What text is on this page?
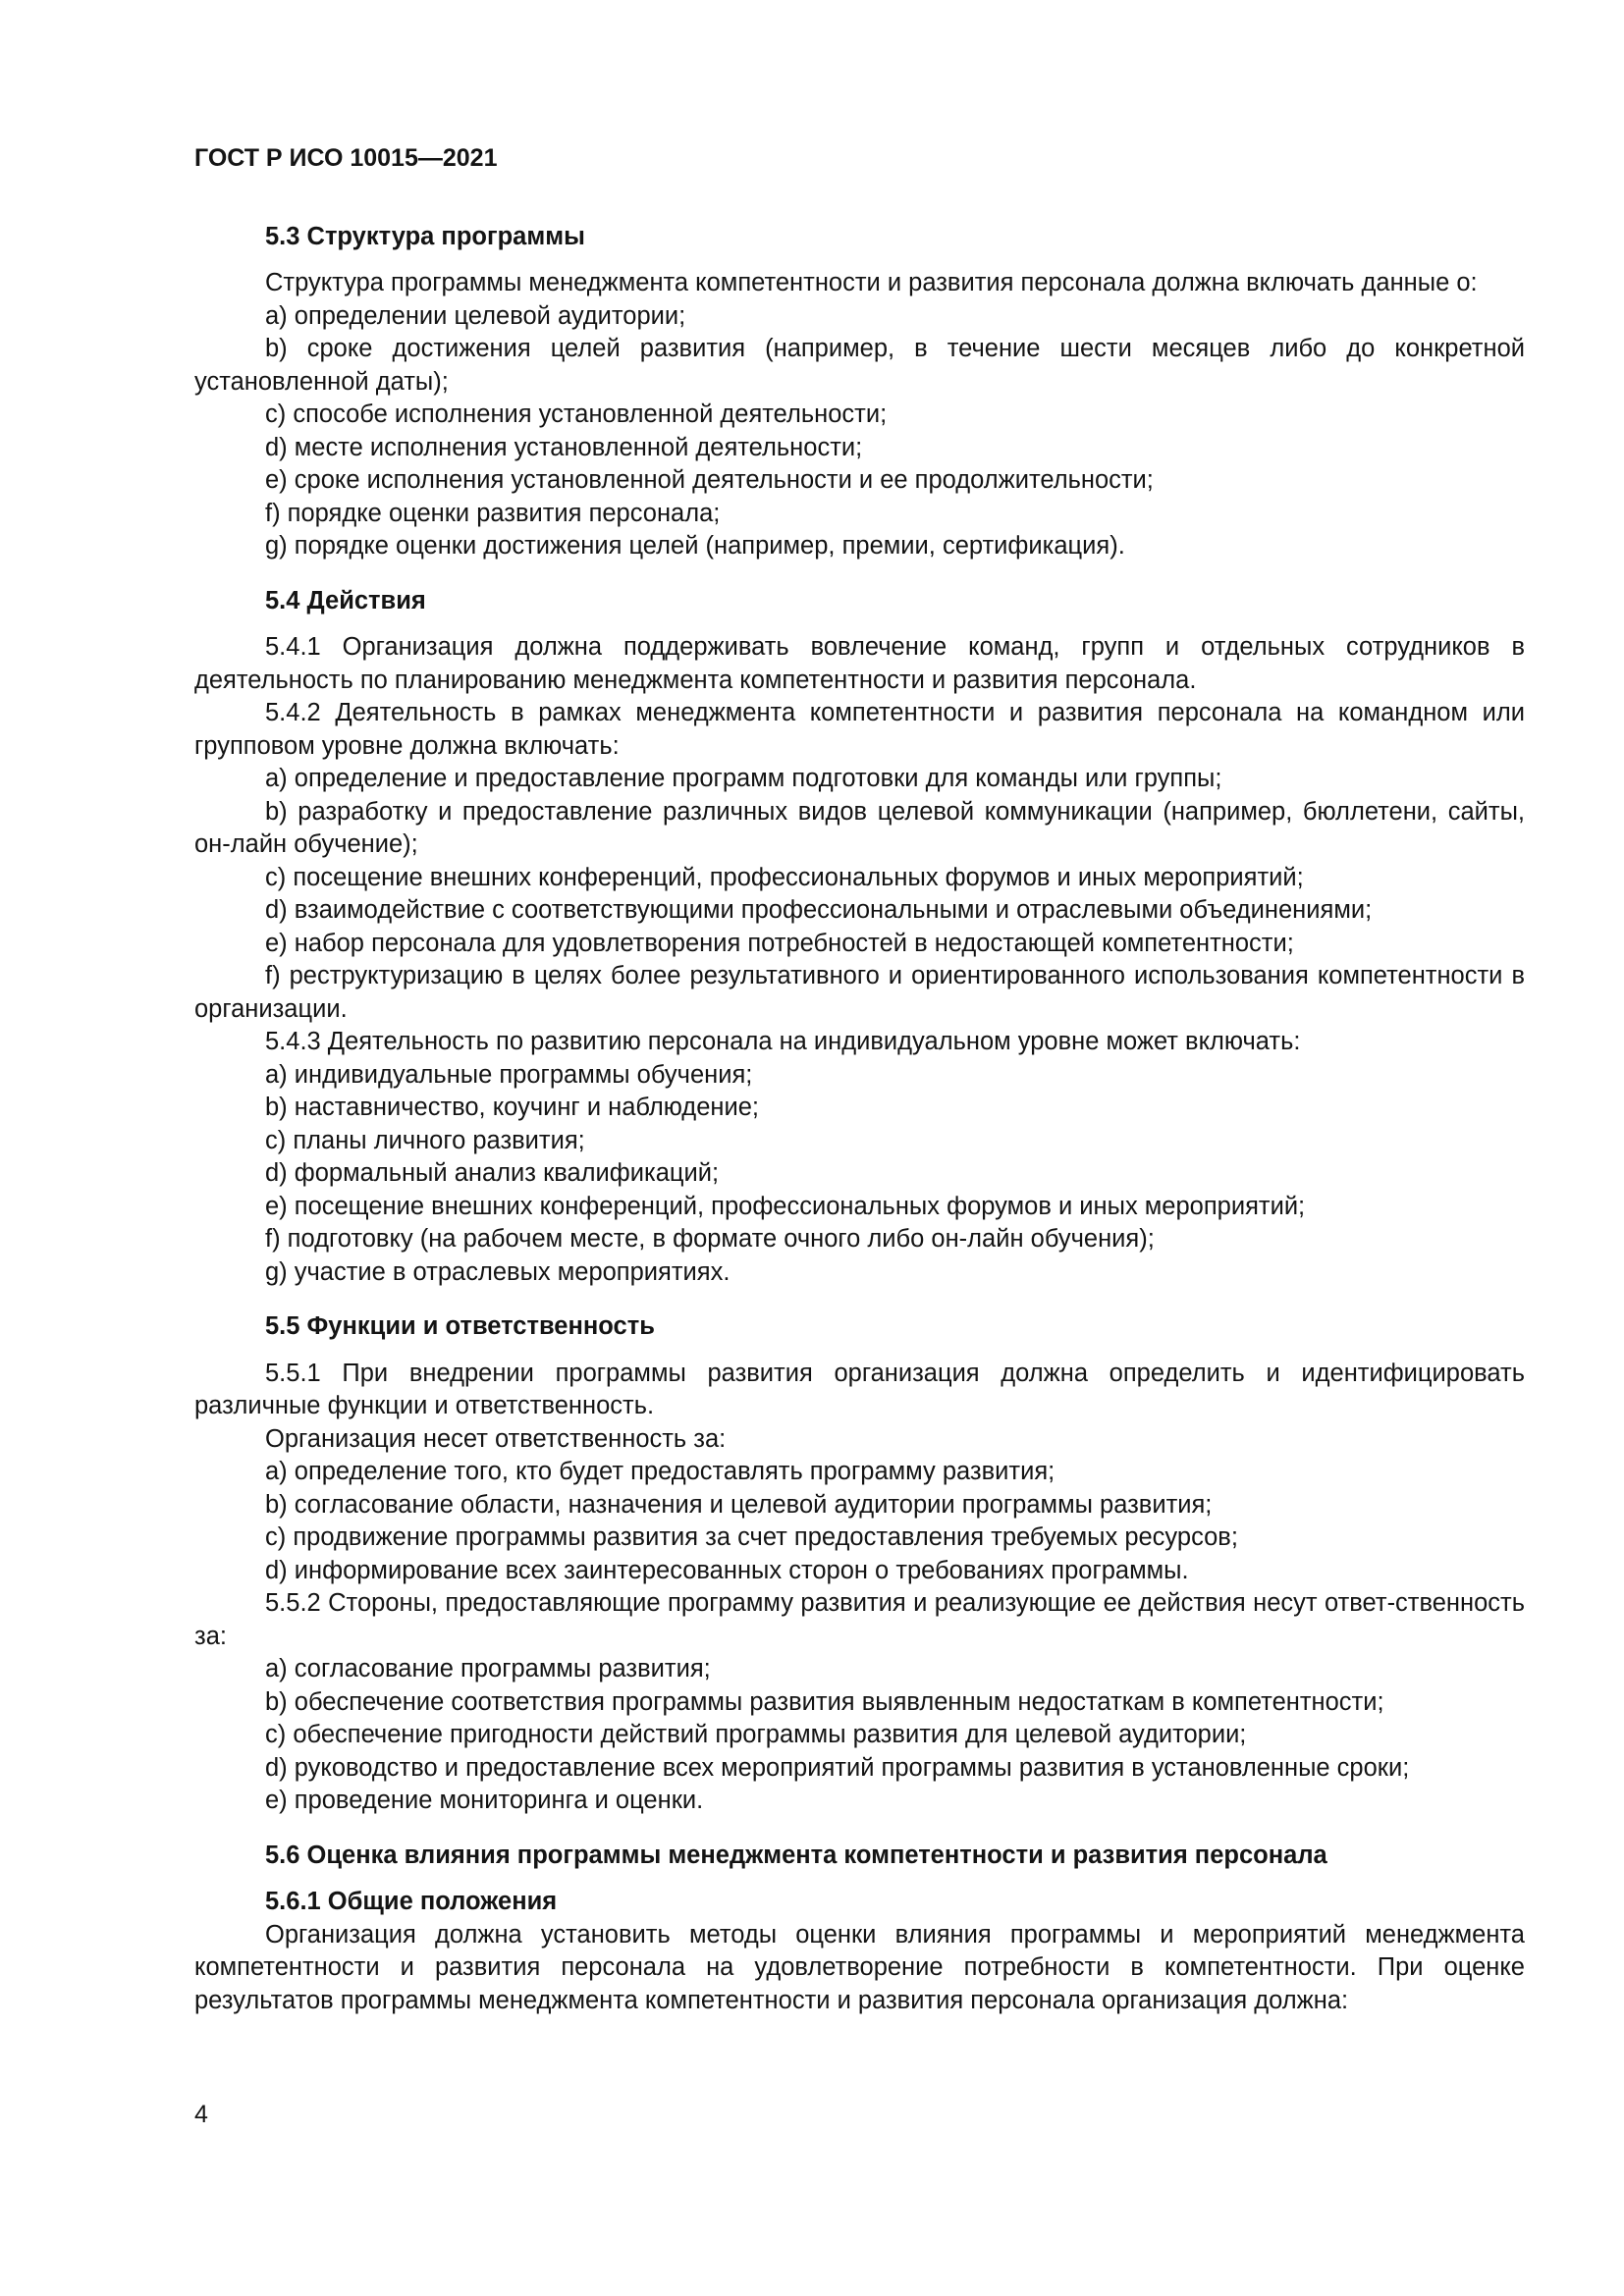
ГОСТ Р ИСО 10015—2021
5.3 Структура программы

Структура программы менеджмента компетентности и развития персонала должна включать данные о:

a) определении целевой аудитории;

b) сроке достижения целей развития (например, в течение шести месяцев либо до конкретной установленной даты);

c) способе исполнения установленной деятельности;

d) месте исполнения установленной деятельности;

e) сроке исполнения установленной деятельности и ее продолжительности;

f) порядке оценки развития персонала;

g) порядке оценки достижения целей (например, премии, сертификация).

5.4 Действия

5.4.1 Организация должна поддерживать вовлечение команд, групп и отдельных сотрудников в деятельность по планированию менеджмента компетентности и развития персонала.

5.4.2 Деятельность в рамках менеджмента компетентности и развития персонала на командном или групповом уровне должна включать:

a) определение и предоставление программ подготовки для команды или группы;

b) разработку и предоставление различных видов целевой коммуникации (например, бюллетени, сайты, он-лайн обучение);

c) посещение внешних конференций, профессиональных форумов и иных мероприятий;

d) взаимодействие с соответствующими профессиональными и отраслевыми объединениями;

e) набор персонала для удовлетворения потребностей в недостающей компетентности;

f) реструктуризацию в целях более результативного и ориентированного использования компетентности в организации.

5.4.3 Деятельность по развитию персонала на индивидуальном уровне может включать:

a) индивидуальные программы обучения;

b) наставничество, коучинг и наблюдение;

c) планы личного развития;

d) формальный анализ квалификаций;

e) посещение внешних конференций, профессиональных форумов и иных мероприятий;

f) подготовку (на рабочем месте, в формате очного либо он-лайн обучения);

g) участие в отраслевых мероприятиях.

5.5 Функции и ответственность

5.5.1 При внедрении программы развития организация должна определить и идентифицировать различные функции и ответственность.

Организация несет ответственность за:

a) определение того, кто будет предоставлять программу развития;

b) согласование области, назначения и целевой аудитории программы развития;

c) продвижение программы развития за счет предоставления требуемых ресурсов;

d) информирование всех заинтересованных сторон о требованиях программы.

5.5.2 Стороны, предоставляющие программу развития и реализующие ее действия несут ответ-ственность за:

a) согласование программы развития;

b) обеспечение соответствия программы развития выявленным недостаткам в компетентности;

c) обеспечение пригодности действий программы развития для целевой аудитории;

d) руководство и предоставление всех мероприятий программы развития в установленные сроки;

e) проведение мониторинга и оценки.

5.6 Оценка влияния программы менеджмента компетентности и развития персонала
5.6.1 Общие положения

Организация должна установить методы оценки влияния программы и мероприятий менеджмента компетентности и развития персонала на удовлетворение потребности в компетентности. При оценке результатов программы менеджмента компетентности и развития персонала организация должна:

4
